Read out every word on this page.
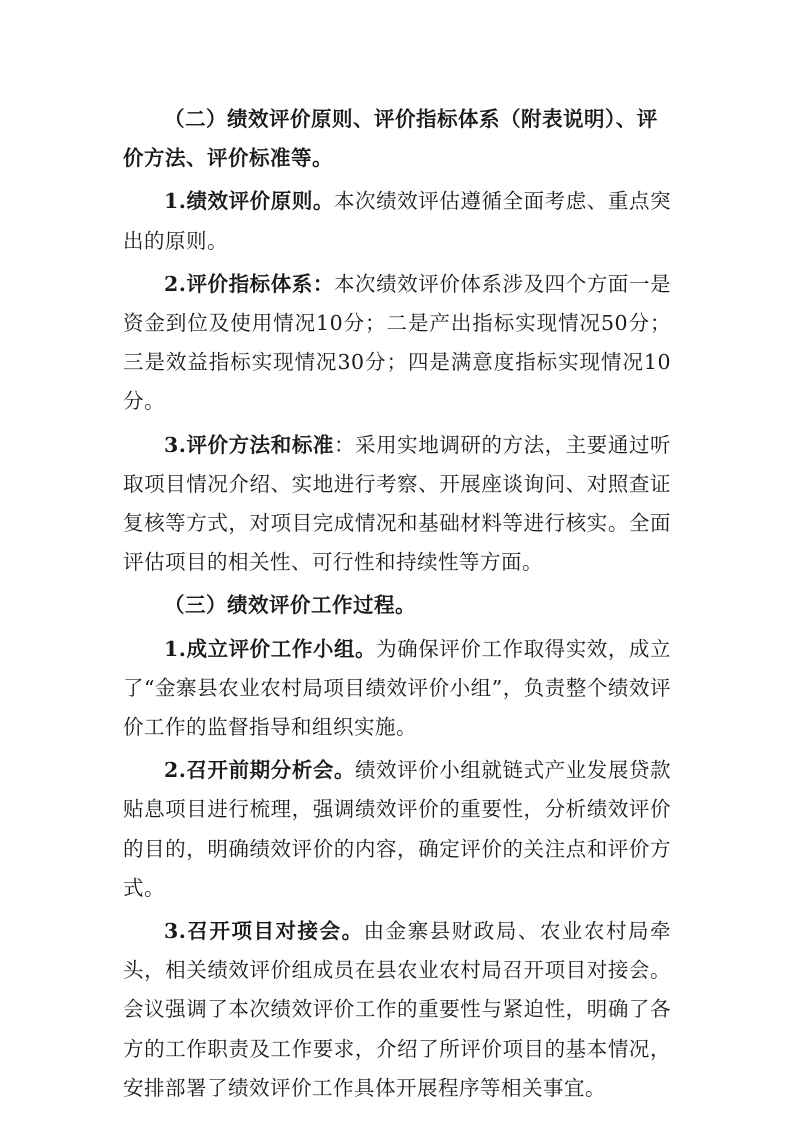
（二）绩效评价原则、评价指标体系（附表说明）、评价方法、评价标准等。

1.绩效评价原则。本次绩效评估遵循全面考虑、重点突出的原则。

2.评价指标体系：本次绩效评价体系涉及四个方面一是资金到位及使用情况10分；二是产出指标实现情况50分；三是效益指标实现情况30分；四是满意度指标实现情况10分。

3.评价方法和标准：采用实地调研的方法，主要通过听取项目情况介绍、实地进行考察、开展座谈询问、对照查证复核等方式，对项目完成情况和基础材料等进行核实。全面评估项目的相关性、可行性和持续性等方面。

（三）绩效评价工作过程。

1.成立评价工作小组。为确保评价工作取得实效，成立了“金寨县农业农村局项目绩效评价小组”，负责整个绩效评价工作的监督指导和组织实施。

2.召开前期分析会。绩效评价小组就链式产业发展贷款贴息项目进行梳理，强调绩效评价的重要性，分析绩效评价的目的，明确绩效评价的内容，确定评价的关注点和评价方式。

3.召开项目对接会。由金寨县财政局、农业农村局牵头，相关绩效评价组成员在县农业农村局召开项目对接会。会议强调了本次绩效评价工作的重要性与紧迫性，明确了各方的工作职责及工作要求，介绍了所评价项目的基本情况，安排部署了绩效评价工作具体开展程序等相关事宜。
